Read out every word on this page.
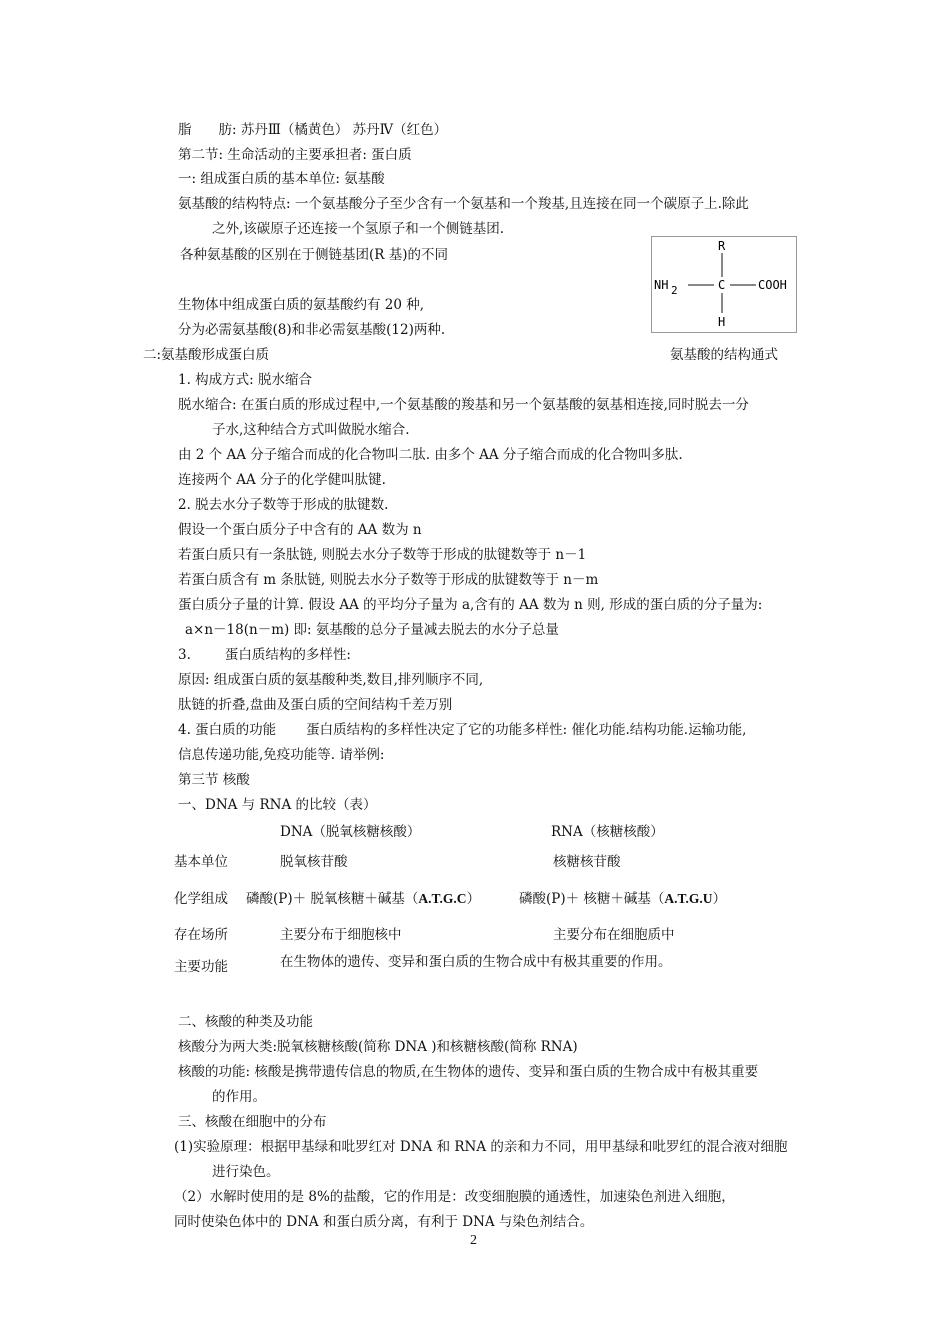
脂　　肪: 苏丹Ⅲ（橘黄色） 苏丹Ⅳ（红色）
第二节: 生命活动的主要承担者: 蛋白质
一: 组成蛋白质的基本单位: 氨基酸
氨基酸的结构特点: 一个氨基酸分子至少含有一个氨基和一个羧基,且连接在同一个碳原子上.除此
之外,该碳原子还连接一个氢原子和一个侧链基团.
各种氨基酸的区别在于侧链基团(R 基)的不同
生物体中组成蛋白质的氨基酸约有 20 种,
分为必需氨基酸(8)和非必需氨基酸(12)两种.
二:氨基酸形成蛋白质
1. 构成方式: 脱水缩合
脱水缩合: 在蛋白质的形成过程中,一个氨基酸的羧基和另一个氨基酸的氨基相连接,同时脱去一分
子水,这种结合方式叫做脱水缩合.
由 2 个 AA 分子缩合而成的化合物叫二肽. 由多个 AA 分子缩合而成的化合物叫多肽.
连接两个 AA 分子的化学健叫肽键.
2. 脱去水分子数等于形成的肽键数.
假设一个蛋白质分子中含有的 AA 数为 n
若蛋白质只有一条肽链, 则脱去水分子数等于形成的肽键数等于 n－1
若蛋白质含有 m 条肽链, 则脱去水分子数等于形成的肽键数等于 n－m
蛋白质分子量的计算. 假设 AA 的平均分子量为 a,含有的 AA 数为 n 则, 形成的蛋白质的分子量为:
a×n－18(n－m) 即: 氨基酸的总分子量减去脱去的水分子总量
3.	蛋白质结构的多样性:
原因: 组成蛋白质的氨基酸种类,数目,排列顺序不同,
肽链的折叠,盘曲及蛋白质的空间结构千差万别
4. 蛋白质的功能 蛋白质结构的多样性决定了它的功能多样性: 催化功能.结构功能.运输功能,
信息传递功能,免疫功能等. 请举例:
第三节 核酸
一、DNA 与 RNA 的比较（表）
R
NH 2	C	COOH
H
氨基酸的结构通式
DNA（脱氧核糖核酸）	RNA（核糖核酸）
基本单位	脱氧核苷酸	核糖核苷酸
化学组成 磷酸(P)＋ 脱氧核糖＋碱基（A.T.G.C）	磷酸(P)＋ 核糖＋碱基（A.T.G.U）
存在场所	主要分布于细胞核中	主要分布在细胞质中
主要功能	在生物体的遗传、变异和蛋白质的生物合成中有极其重要的作用。
二、核酸的种类及功能
核酸分为两大类:脱氧核糖核酸(简称 DNA )和核糖核酸(简称 RNA)
核酸的功能: 核酸是携带遗传信息的物质,在生物体的遗传、变异和蛋白质的生物合成中有极其重要
的作用。
三、核酸在细胞中的分布
(1)实验原理：根据甲基绿和吡罗红对 DNA 和 RNA 的亲和力不同，用甲基绿和吡罗红的混合液对细胞
进行染色。
（2）水解时使用的是 8%的盐酸，它的作用是：改变细胞膜的通透性，加速染色剂进入细胞，
同时使染色体中的 DNA 和蛋白质分离，有利于 DNA 与染色剂结合。
2
